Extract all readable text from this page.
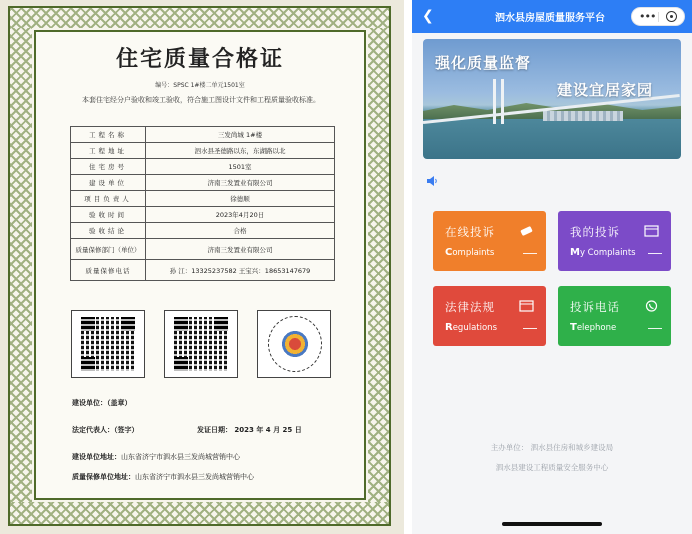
住宅质量合格证
编号：SPSC 1#楼二单元1501室
本套住宅经分户验收和竣工验收，符合施工图设计文件和工程质量验收标准。
工程名称	三发尚城 1#楼
工程地址	泗水县圣德路以东，东湖路以北
住宅房号	1501室
建设单位	济南三发置业有限公司
项目负责人	徐德顺
验收时间	2023年4月20日
验收结论	合格
质量保修部门（单位）	济南三发置业有限公司
质量保修电话	孙 江：13325237582 王宝兴：18653147679
建设单位：（盖章）
法定代表人：（签字）	发证日期： 2023 年 4 月 25 日
建设单位地址：山东省济宁市泗水县三发尚城营销中心
质量保修单位地址：山东省济宁市泗水县三发尚城营销中心
❮	泗水县房屋质量服务平台	•••
强化质量监督
建设宜居家园
在线投诉
Complaints
我的投诉
My Complaints
法律法规
Regulations
投诉电话
Telephone
主办单位： 泗水县住房和城乡建设局
泗水县建设工程质量安全服务中心
